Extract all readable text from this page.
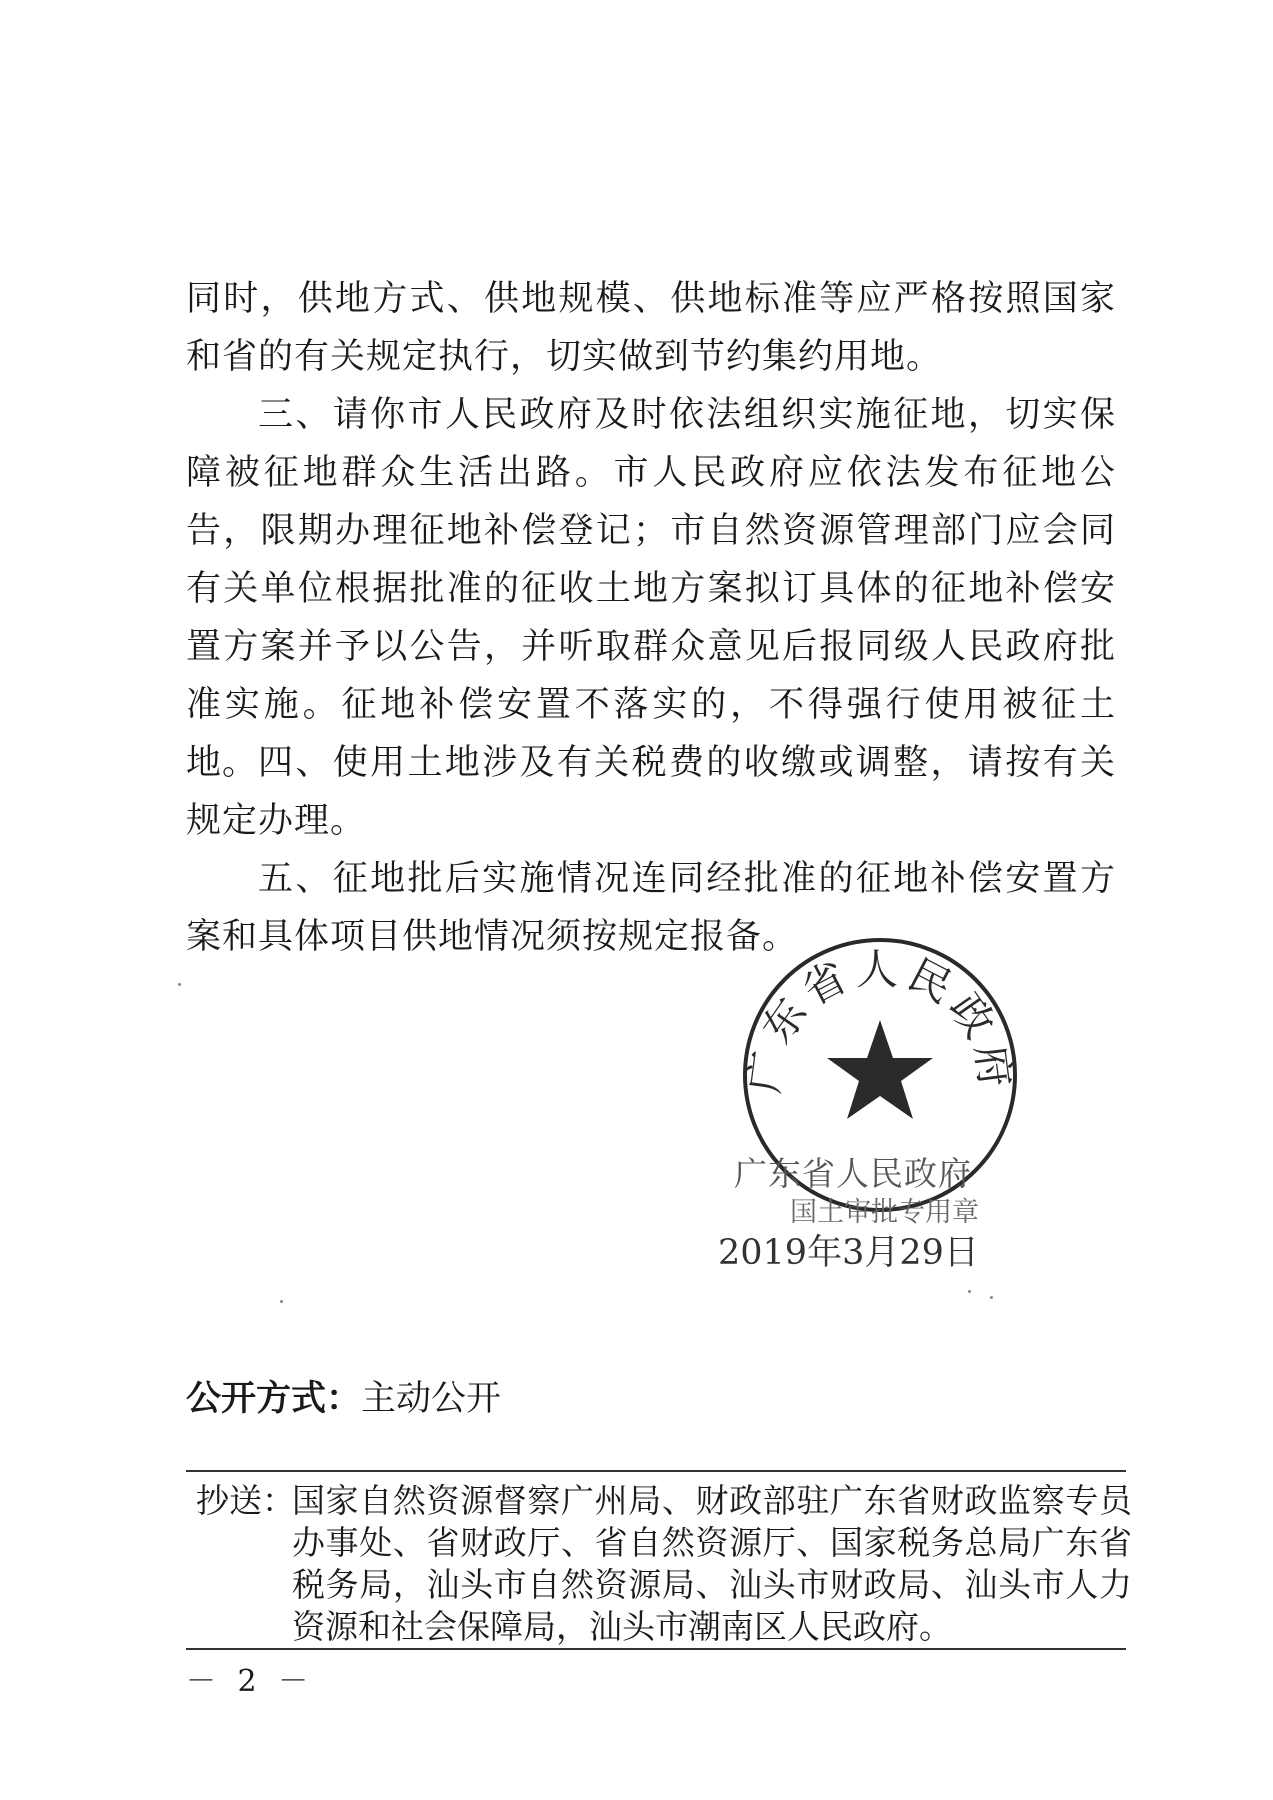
同时，供地方式、供地规模、供地标准等应严格按照国家和省的有关规定执行，切实做到节约集约用地。

三、请你市人民政府及时依法组织实施征地，切实保障被征地群众生活出路。市人民政府应依法发布征地公告，限期办理征地补偿登记；市自然资源管理部门应会同有关单位根据批准的征收土地方案拟订具体的征地补偿安置方案并予以公告，并听取群众意见后报同级人民政府批准实施。征地补偿安置不落实的，不得强行使用被征土地。 四、使用土地涉及有关税费的收缴或调整，请按有关规定办理。

五、征地批后实施情况连同经批准的征地补偿安置方案和具体项目供地情况须按规定报备。

广东省人民政府
广东省人民政府
国土审批专用章
2019年3月29日
公开方式：主动公开
抄送：
国家自然资源督察广州局、财政部驻广东省财政监察专员办事处、省财政厅、省自然资源厅、国家税务总局广东省税务局，汕头市自然资源局、汕头市财政局、汕头市人力资源和社会保障局，汕头市潮南区人民政府。
－ 2 －
